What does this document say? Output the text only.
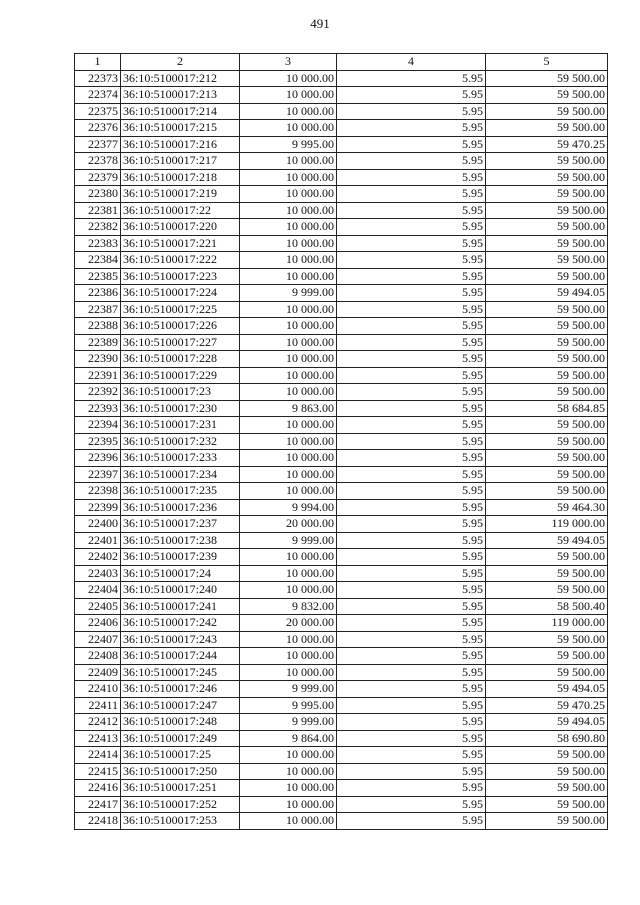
491
1	2	3	4	5
22373	36:10:5100017:212	10 000.00	5.95	59 500.00
22374	36:10:5100017:213	10 000.00	5.95	59 500.00
22375	36:10:5100017:214	10 000.00	5.95	59 500.00
22376	36:10:5100017:215	10 000.00	5.95	59 500.00
22377	36:10:5100017:216	9 995.00	5.95	59 470.25
22378	36:10:5100017:217	10 000.00	5.95	59 500.00
22379	36:10:5100017:218	10 000.00	5.95	59 500.00
22380	36:10:5100017:219	10 000.00	5.95	59 500.00
22381	36:10:5100017:22	10 000.00	5.95	59 500.00
22382	36:10:5100017:220	10 000.00	5.95	59 500.00
22383	36:10:5100017:221	10 000.00	5.95	59 500.00
22384	36:10:5100017:222	10 000.00	5.95	59 500.00
22385	36:10:5100017:223	10 000.00	5.95	59 500.00
22386	36:10:5100017:224	9 999.00	5.95	59 494.05
22387	36:10:5100017:225	10 000.00	5.95	59 500.00
22388	36:10:5100017:226	10 000.00	5.95	59 500.00
22389	36:10:5100017:227	10 000.00	5.95	59 500.00
22390	36:10:5100017:228	10 000.00	5.95	59 500.00
22391	36:10:5100017:229	10 000.00	5.95	59 500.00
22392	36:10:5100017:23	10 000.00	5.95	59 500.00
22393	36:10:5100017:230	9 863.00	5.95	58 684.85
22394	36:10:5100017:231	10 000.00	5.95	59 500.00
22395	36:10:5100017:232	10 000.00	5.95	59 500.00
22396	36:10:5100017:233	10 000.00	5.95	59 500.00
22397	36:10:5100017:234	10 000.00	5.95	59 500.00
22398	36:10:5100017:235	10 000.00	5.95	59 500.00
22399	36:10:5100017:236	9 994.00	5.95	59 464.30
22400	36:10:5100017:237	20 000.00	5.95	119 000.00
22401	36:10:5100017:238	9 999.00	5.95	59 494.05
22402	36:10:5100017:239	10 000.00	5.95	59 500.00
22403	36:10:5100017:24	10 000.00	5.95	59 500.00
22404	36:10:5100017:240	10 000.00	5.95	59 500.00
22405	36:10:5100017:241	9 832.00	5.95	58 500.40
22406	36:10:5100017:242	20 000.00	5.95	119 000.00
22407	36:10:5100017:243	10 000.00	5.95	59 500.00
22408	36:10:5100017:244	10 000.00	5.95	59 500.00
22409	36:10:5100017:245	10 000.00	5.95	59 500.00
22410	36:10:5100017:246	9 999.00	5.95	59 494.05
22411	36:10:5100017:247	9 995.00	5.95	59 470.25
22412	36:10:5100017:248	9 999.00	5.95	59 494.05
22413	36:10:5100017:249	9 864.00	5.95	58 690.80
22414	36:10:5100017:25	10 000.00	5.95	59 500.00
22415	36:10:5100017:250	10 000.00	5.95	59 500.00
22416	36:10:5100017:251	10 000.00	5.95	59 500.00
22417	36:10:5100017:252	10 000.00	5.95	59 500.00
22418	36:10:5100017:253	10 000.00	5.95	59 500.00
